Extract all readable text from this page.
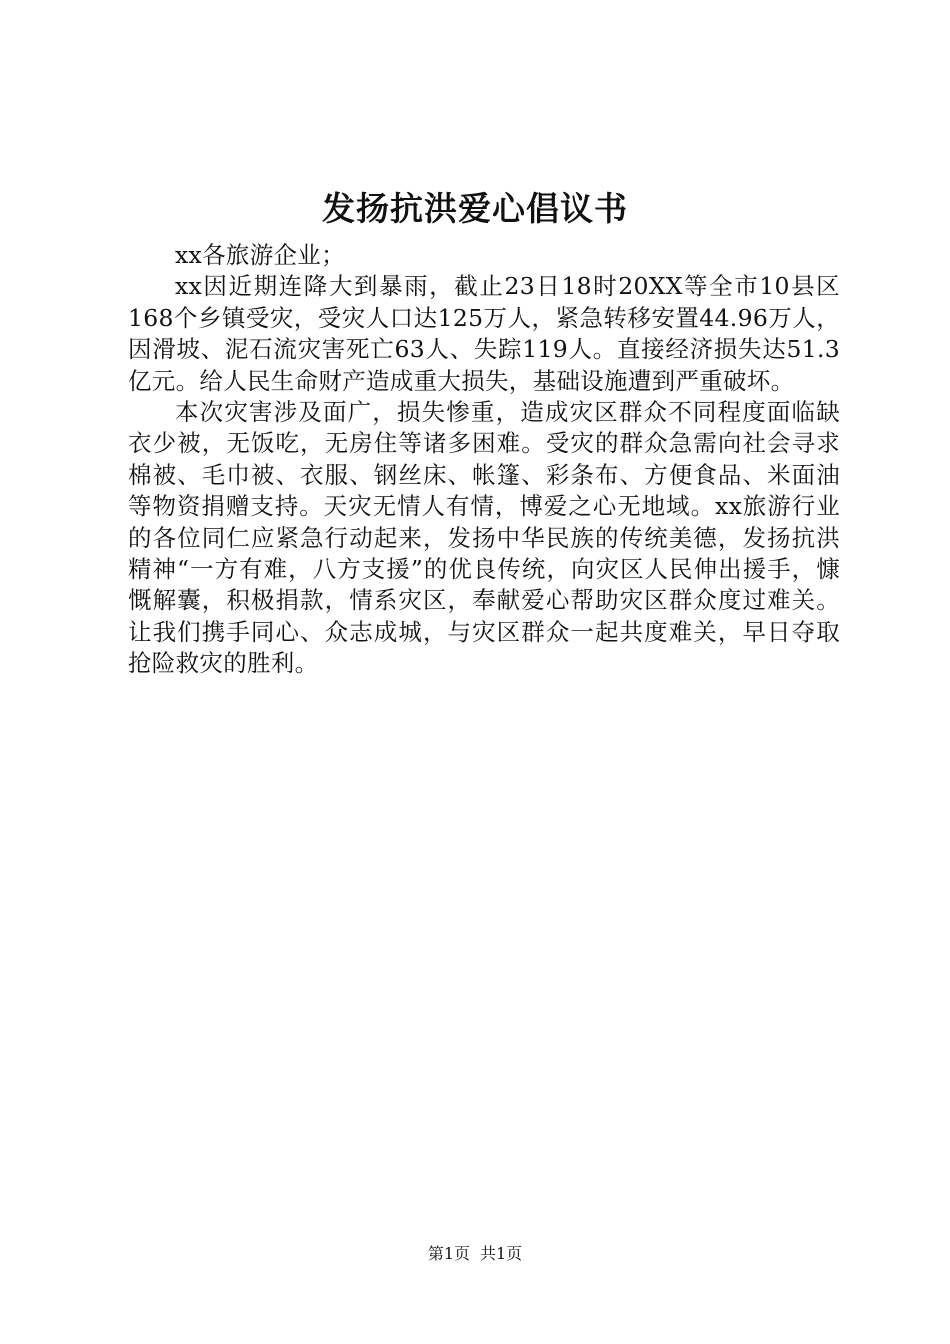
发扬抗洪爱心倡议书

xx各旅游企业；

xx因近期连降大到暴雨，截止23日18时20XX等全市10县区168个乡镇受灾，受灾人口达125万人，紧急转移安置44.96万人，因滑坡、泥石流灾害死亡63人、失踪119人。直接经济损失达51.3亿元。给人民生命财产造成重大损失，基础设施遭到严重破坏。

本次灾害涉及面广，损失惨重，造成灾区群众不同程度面临缺衣少被，无饭吃，无房住等诸多困难。受灾的群众急需向社会寻求棉被、毛巾被、衣服、钢丝床、帐篷、彩条布、方便食品、米面油等物资捐赠支持。天灾无情人有情，博爱之心无地域。xx旅游行业的各位同仁应紧急行动起来，发扬中华民族的传统美德，发扬抗洪精神“一方有难，八方支援”的优良传统，向灾区人民伸出援手，慷慨解囊，积极捐款，情系灾区，奉献爱心帮助灾区群众度过难关。让我们携手同心、众志成城，与灾区群众一起共度难关，早日夺取抢险救灾的胜利。

第1页 共1页
